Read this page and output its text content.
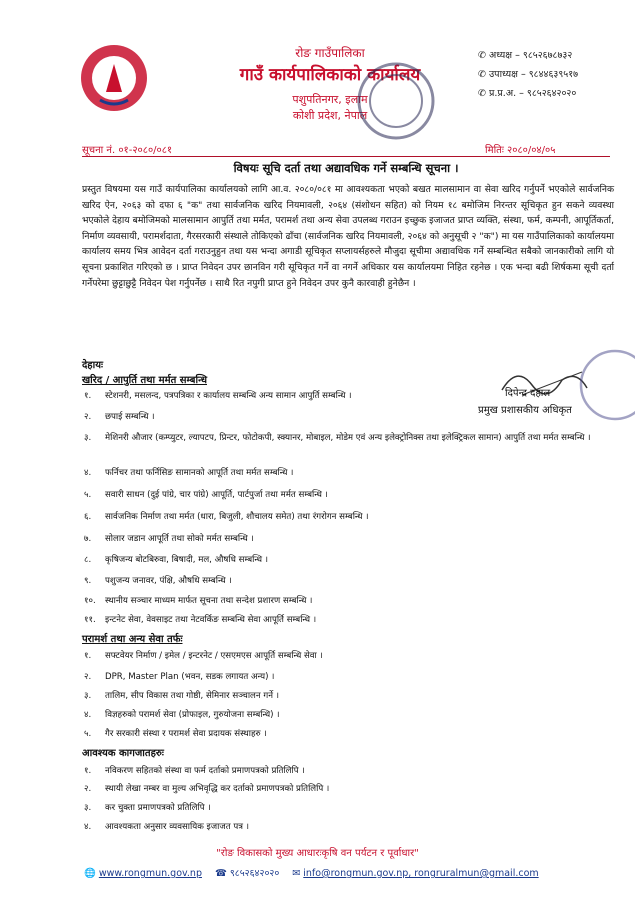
रोङ गाउँपालिका
गाउँ कार्यपालिकाको कार्यालय
पशुपतिनगर, इलाम
कोशी प्रदेश, नेपाल
✆ अध्यक्ष – ९८५२६७८७३२
✆ उपाध्यक्ष – ९८४४६३९५१७
✆ प्र.प्र.अ. – ९८५२६४२०२०
सूचना नं. ०१-२०८०/०८१	मितिः २०८०/०४/०५
विषयः सूचि दर्ता तथा अद्यावधिक गर्ने सम्बन्धि सूचना ।
प्रस्तुत विषयमा यस गाउँ कार्यपालिका कार्यालयको लागि आ.व. २०८०/०८१ मा आवश्यकता भएको बखत मालसामान वा सेवा खरिद गर्नुपर्ने भएकोले सार्वजनिक खरिद ऐन, २०६३ को दफा ६ "क" तथा सार्वजनिक खरिद नियमावली, २०६४ (संशोधन सहित) को नियम १८ बमोजिम निरन्तर सूचिकृत हुन सकने व्यवस्था भएकोले देहाय बमोजिमको मालसामान आपुर्ति तथा मर्मत, परामर्श तथा अन्य सेवा उपलब्ध गराउन इच्छुक इजाजत प्राप्त व्यक्ति, संस्था, फर्म, कम्पनी, आपूर्तिकर्ता, निर्माण व्यवसायी, परामर्शदाता, गैरसरकारी संस्थाले तोकिएको ढाँचा (सार्वजनिक खरिद नियमावली, २०६४ को अनुसूची २ "क") मा यस गाउँपालिकाको कार्यालयमा कार्यालय समय भित्र आवेदन दर्ता गराउनुहुन तथा यस भन्दा अगाडी सूचिकृत सप्लायर्सहरुले मौजुदा सूचीमा अद्यावधिक गर्ने सम्बन्धित सबैको जानकारीको लागि यो सूचना प्रकाशित गरिएको छ । प्राप्त निवेदन उपर छानविन गरी सूचिकृत गर्ने वा नगर्ने अधिकार यस कार्यालयमा निहित रहनेछ । एक भन्दा बढी शिर्षकमा सूची दर्ता गर्नेपरेमा छुट्टाछुट्टै निवेदन पेश गर्नुपर्नेछ । साथै रित नपुगी प्राप्त हुने निवेदन उपर कुनै कारवाही हुनेछैन ।
देहायः
दिपेन्द्र दहाल
प्रमुख प्रशासकीय अधिकृत
खरिद / आपुर्ति तथा मर्मत सम्बन्धि
१. स्टेशनरी, मसलन्द, पत्रपत्रिका र कार्यालय सम्बन्धि अन्य सामान आपुर्ति सम्बन्धि ।
२. छपाई सम्बन्धि ।
३. मेशिनरी औजार (कम्प्युटर, ल्यापटप, प्रिन्टर, फोटोकपी, स्क्यानर, मोबाइल, मोडेम एवं अन्य इलेक्ट्रोनिक्स तथा इलेक्ट्रिकल सामान) आपुर्ति तथा मर्मत सम्बन्धि ।
४. फर्निचर तथा फर्निसिङ सामानको आपूर्ति तथा मर्मत सम्बन्धि ।
५. सवारी साधन (दुई पांग्रे, चार पांग्रे) आपूर्ति, पार्टपुर्जा तथा मर्मत सम्बन्धि ।
६. सार्वजनिक निर्माण तथा मर्मत (धारा, बिजुली, शौचालय समेत) तथा रंगरोगन सम्बन्धि ।
७. सोलार जडान आपूर्ति तथा सोको मर्मत सम्बन्धि ।
८. कृषिजन्य बोटबिरुवा, बिषादी, मल, औषधि सम्बन्धि ।
९. पशुजन्य जनावर, पंक्षि, औषधि सम्बन्धि ।
१०. स्थानीय सञ्चार माध्यम मार्फत सूचना तथा सन्देश प्रशारण सम्बन्धि ।
११. इन्टनेट सेवा, वेवसाइट तथा नेटवर्किङ सम्बन्धि सेवा आपूर्ति सम्बन्धि ।
परामर्श तथा अन्य सेवा तर्फः
१. सफ्टवेयर निर्माण / इमेल / इन्टरनेट / एसएमएस आपूर्ति सम्बन्धि सेवा ।
२. DPR, Master Plan (भवन, सडक लगायत अन्य) ।
३. तालिम, सीप विकास तथा गोष्ठी, सेमिनार सञ्चालन गर्ने ।
४. विज्ञहरुको परामर्श सेवा (प्रोफाइल, गुरुयोजना सम्बन्धि) ।
५. गैर सरकारी संस्था र परामर्श सेवा प्रदायक संस्थाहरु ।
आवश्यक कागजातहरुः
१. नविकरण सहितको संस्था वा फर्म दर्ताको प्रमाणपत्रको प्रतिलिपि ।
२. स्थायी लेखा नम्बर वा मुल्य अभिवृद्धि कर दर्ताको प्रमाणपत्रको प्रतिलिपि ।
३. कर चुक्ता प्रमाणपत्रको प्रतिलिपि ।
४. आवश्यकता अनुसार व्यवसायिक इजाजत पत्र ।
"रोङ विकासको मुख्य आधारःकृषि वन पर्यटन र पूर्वाधार"
🌐 www.rongmun.gov.np ☎ ९८५२६४२०२० ✉ info@rongmun.gov.np, rongruralmun@gmail.com
